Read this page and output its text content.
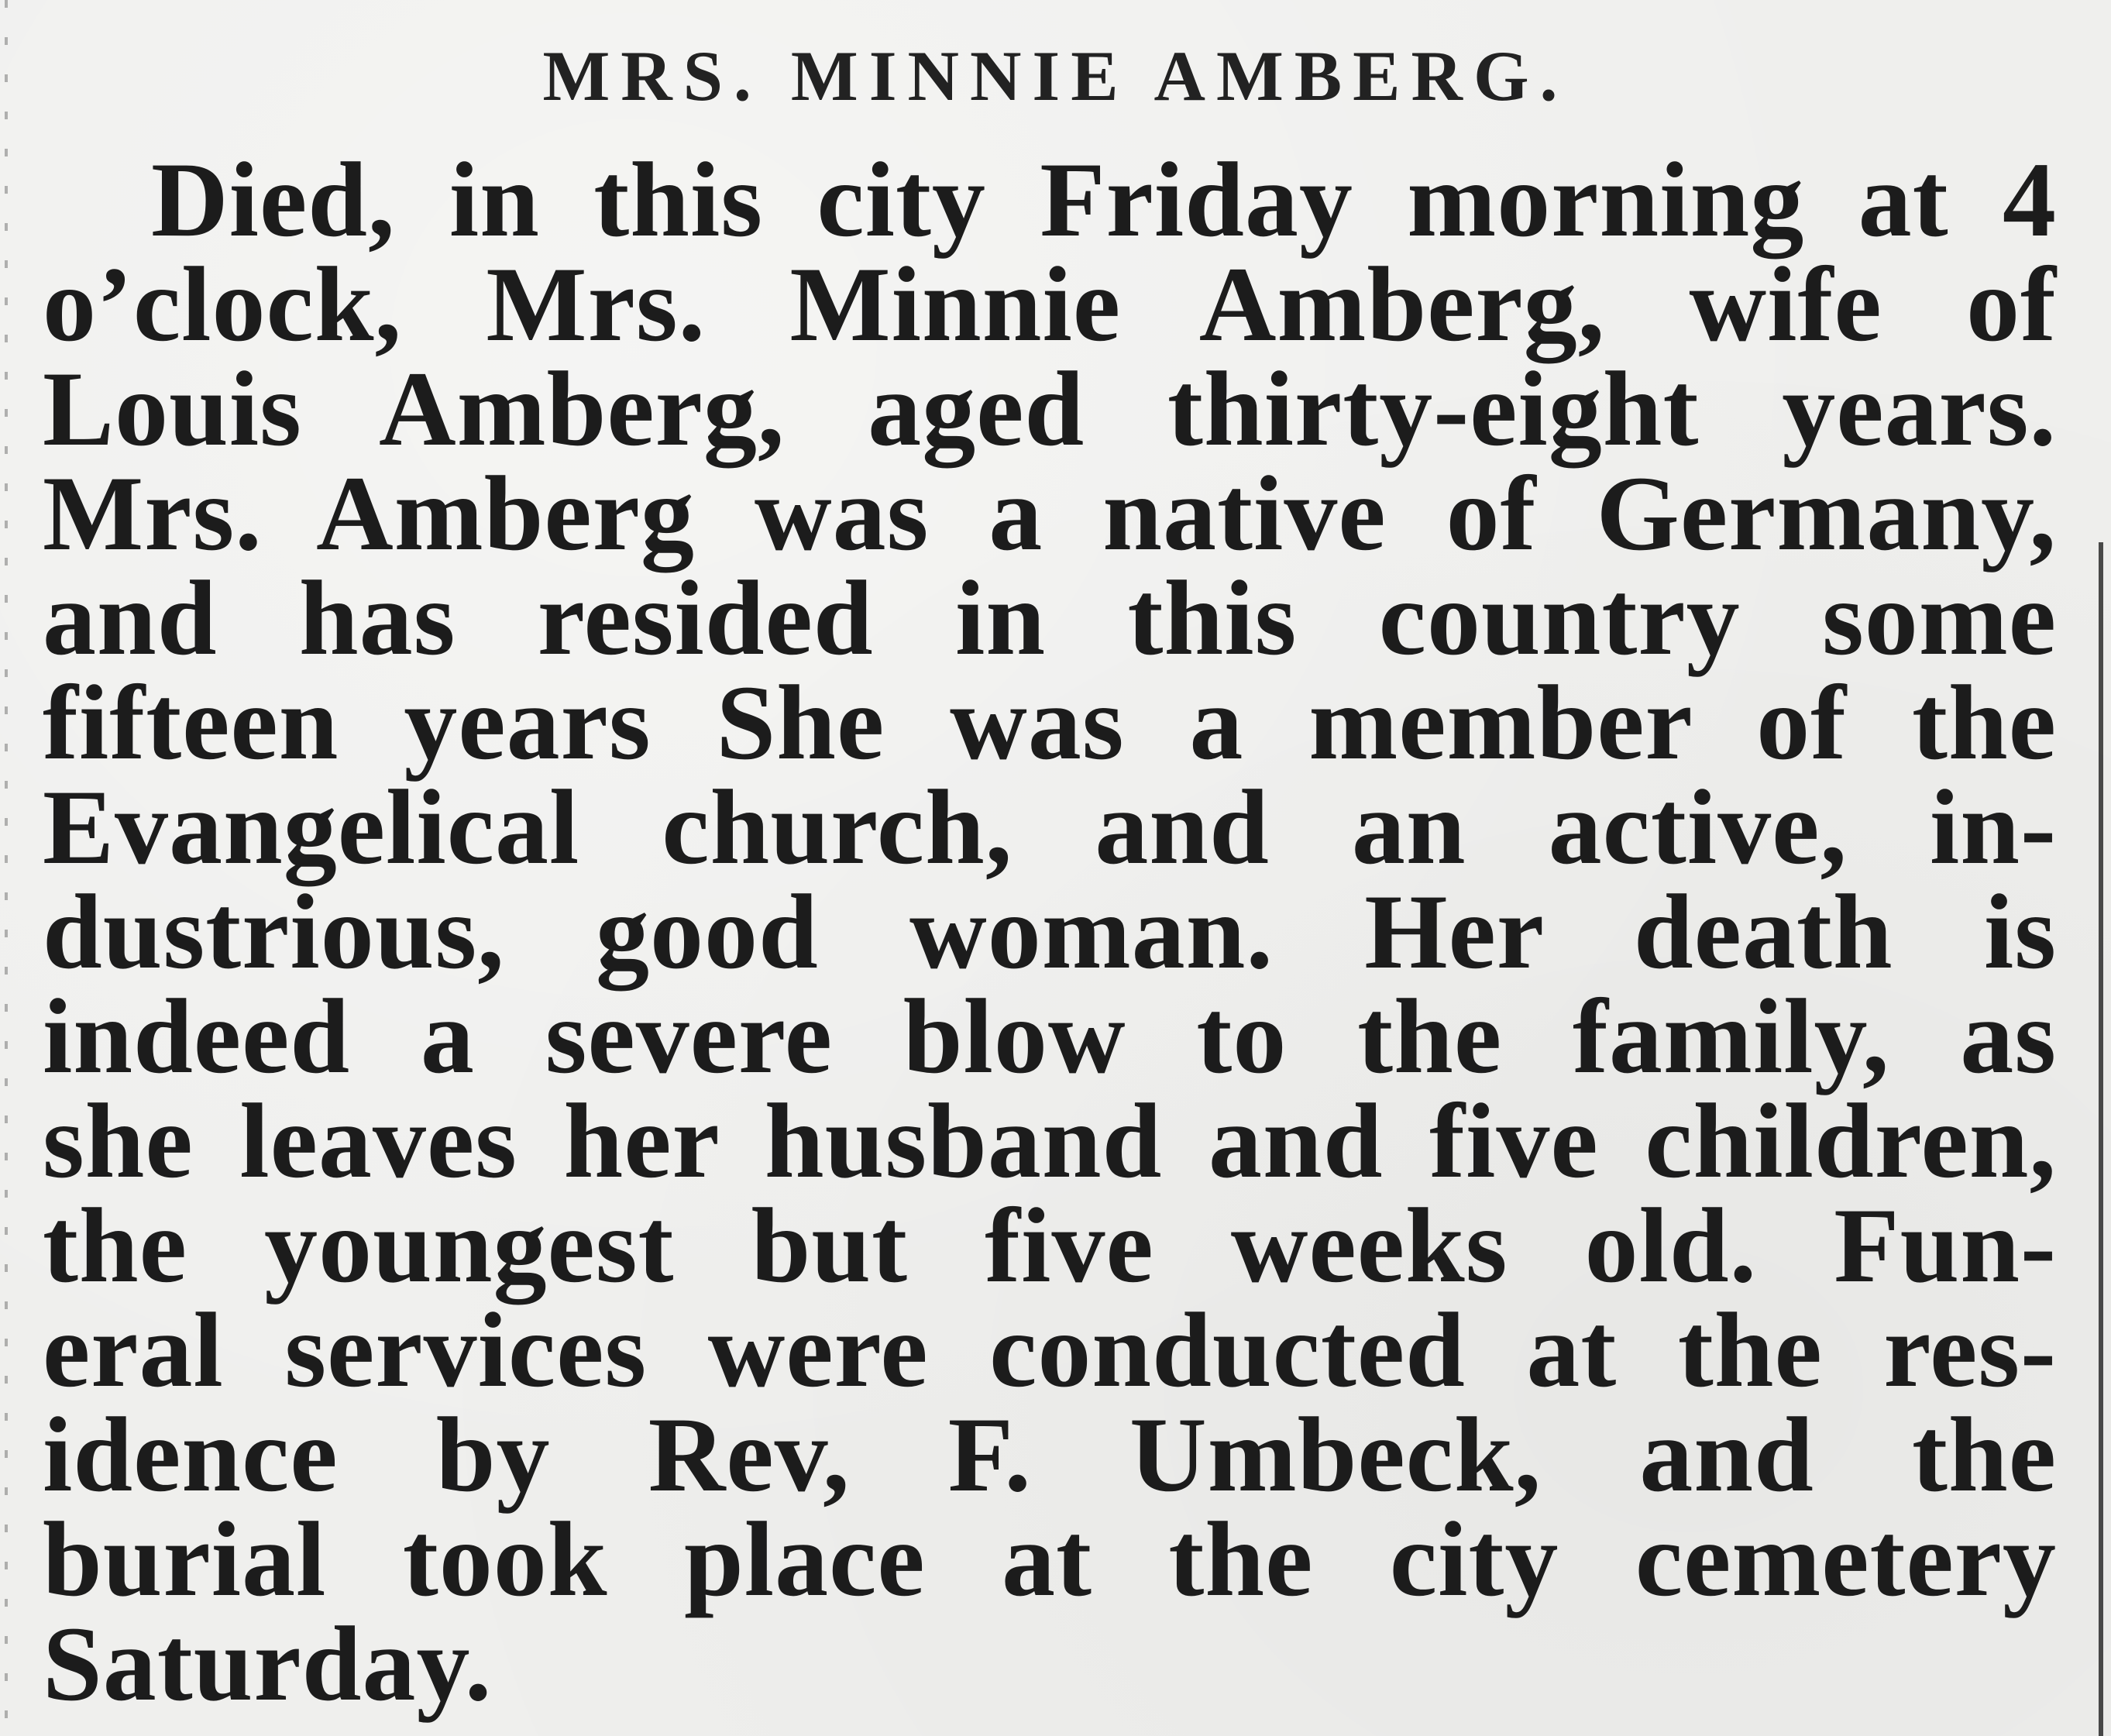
MRS. MINNIE AMBERG.
Died, in this city Friday morning at 4
o’clock, Mrs. Minnie Amberg, wife of
Louis Amberg, aged thirty-eight years.
Mrs. Amberg was a native of Germany,
and has resided in this country some
fifteen years She was a member of the
Evangelical church, and an active, in-
dustrious, good woman. Her death is
indeed a severe blow to the family, as
she leaves her husband and five children,
the youngest but five weeks old. Fun-
eral services were conducted at the res-
idence by Rev, F. Umbeck, and the
burial took place at the city cemetery
Saturday.
